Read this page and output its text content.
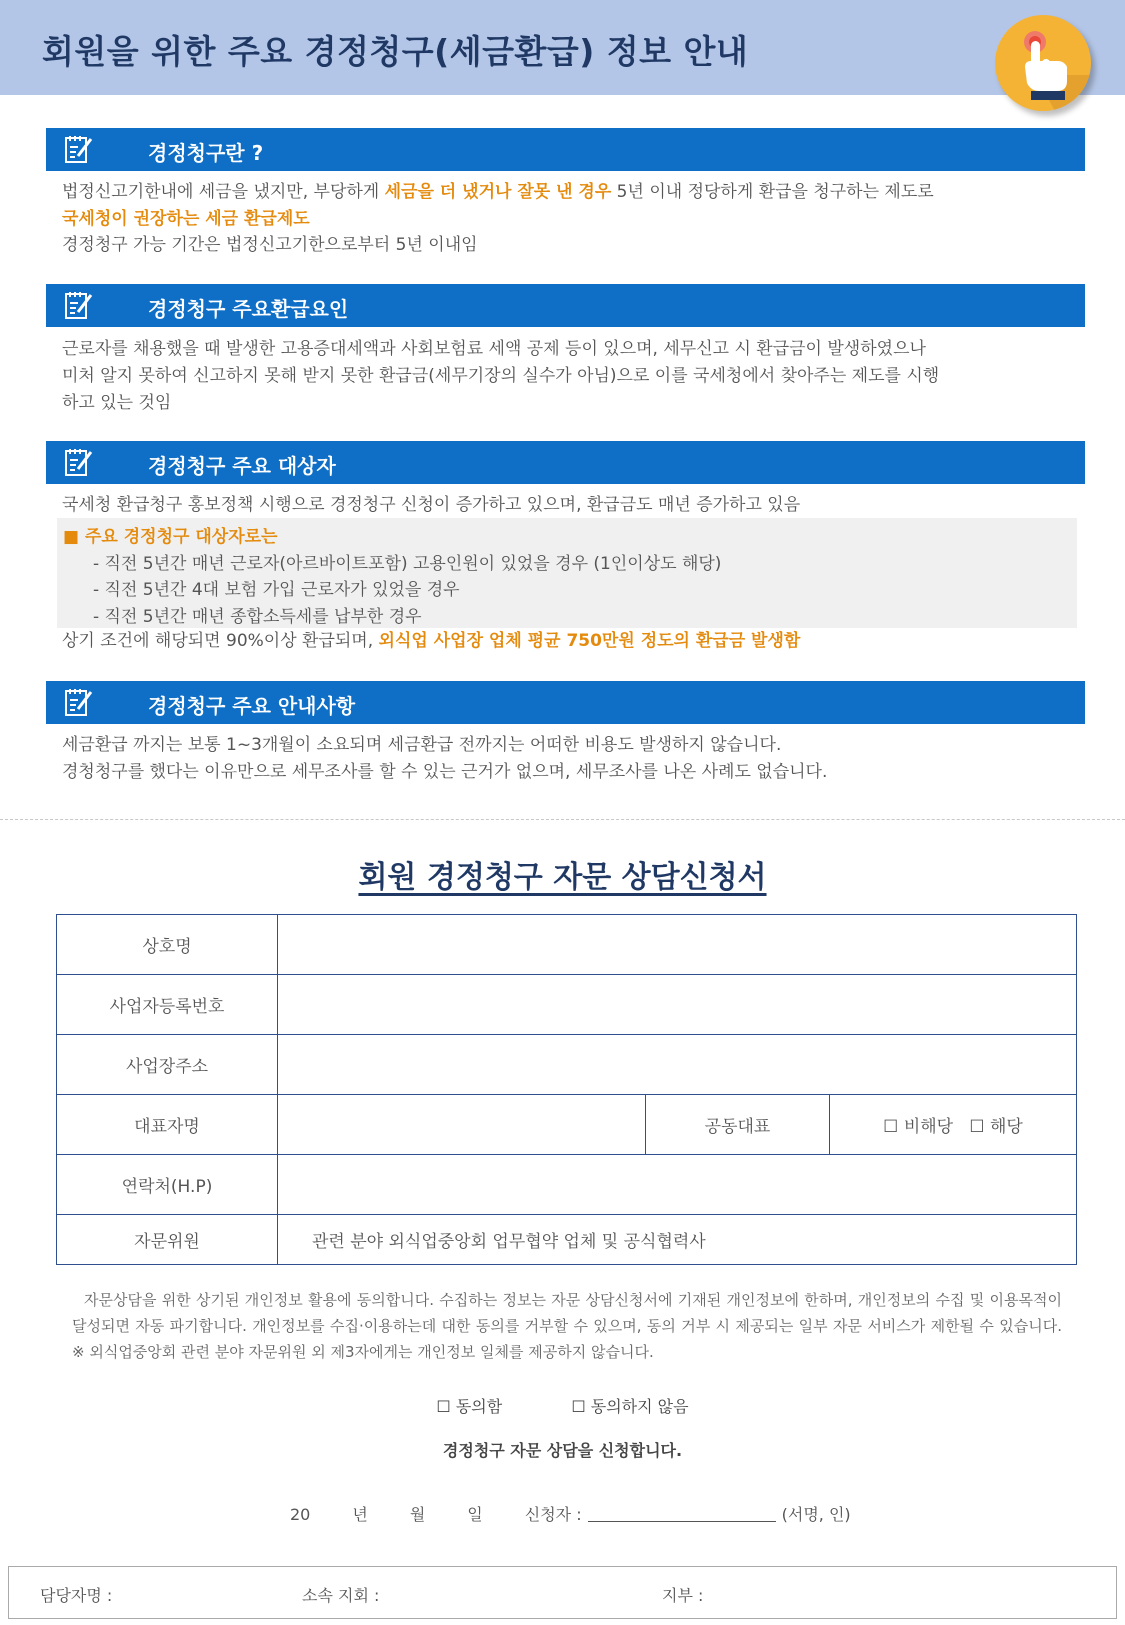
회원을 위한 주요 경정청구(세금환급) 정보 안내
경정청구란 ?
법정신고기한내에 세금을 냈지만, 부당하게 세금을 더 냈거나 잘못 낸 경우 5년 이내 정당하게 환급을 청구하는 제도로
국세청이 권장하는 세금 환급제도
경정청구 가능 기간은 법정신고기한으로부터 5년 이내임
경정청구 주요환급요인
근로자를 채용했을 때 발생한 고용증대세액과 사회보험료 세액 공제 등이 있으며, 세무신고 시 환급금이 발생하였으나
미처 알지 못하여 신고하지 못해 받지 못한 환급금(세무기장의 실수가 아님)으로 이를 국세청에서 찾아주는 제도를 시행
하고 있는 것임
경정청구 주요 대상자
국세청 환급청구 홍보정책 시행으로 경정청구 신청이 증가하고 있으며, 환급금도 매년 증가하고 있음
■ 주요 경정청구 대상자로는
- 직전 5년간 매년 근로자(아르바이트포함) 고용인원이 있었을 경우 (1인이상도 해당)
- 직전 5년간 4대 보험 가입 근로자가 있었을 경우
- 직전 5년간 매년 종합소득세를 납부한 경우
상기 조건에 해당되면 90%이상 환급되며, 외식업 사업장 업체 평균 750만원 정도의 환급금 발생함
경정청구 주요 안내사항
세금환급 까지는 보통 1~3개월이 소요되며 세금환급 전까지는 어떠한 비용도 발생하지 않습니다.
경청청구를 했다는 이유만으로 세무조사를 할 수 있는 근거가 없으며, 세무조사를 나온 사례도 없습니다.
회원 경정청구 자문 상담신청서
상호명			
사업자등록번호			
사업장주소			
대표자명		공동대표	☐ 비해당 ☐ 해당
연락처(H.P)			
자문위원	관련 분야 외식업중앙회 업무협약 업체 및 공식협력사		
자문상담을 위한 상기된 개인정보 활용에 동의합니다. 수집하는 정보는 자문 상담신청서에 기재된 개인정보에 한하며, 개인정보의 수집 및 이용목적이 달성되면 자동 파기합니다. 개인정보를 수집·이용하는데 대한 동의를 거부할 수 있으며, 동의 거부 시 제공되는 일부 자문 서비스가 제한될 수 있습니다. ※ 외식업중앙회 관련 분야 자문위원 외 제3자에게는 개인정보 일체를 제공하지 않습니다.
☐ 동의함	☐ 동의하지 않음
경정청구 자문 상담을 신청합니다.
20	년	월	일	신청자 :	(서명, 인)
담당자명 :	소속 지회 :	지부 :
